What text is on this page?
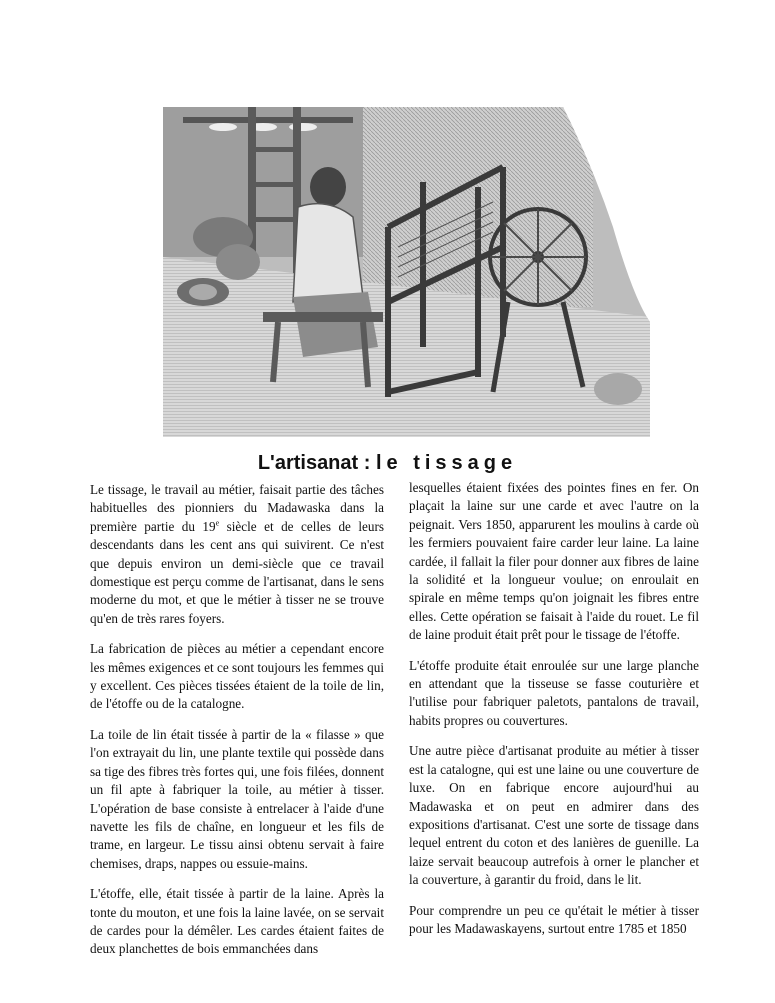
L'artisanat : le tissage

Le tissage, le travail au métier, faisait partie des tâches habituelles des pionniers du Madawaska dans la première partie du 19e siècle et de celles de leurs descendants dans les cent ans qui suivirent. Ce n'est que depuis environ un demi-siècle que ce travail domestique est perçu comme de l'artisanat, dans le sens moderne du mot, et que le métier à tisser ne se trouve qu'en de très rares foyers.

La fabrication de pièces au métier a cependant encore les mêmes exigences et ce sont toujours les femmes qui y excellent. Ces pièces tissées étaient de la toile de lin, de l'étoffe ou de la catalogne.

La toile de lin était tissée à partir de la « filasse » que l'on extrayait du lin, une plante textile qui possède dans sa tige des fibres très fortes qui, une fois filées, donnent un fil apte à fabriquer la toile, au métier à tisser. L'opération de base consiste à entrelacer à l'aide d'une navette les fils de chaîne, en longueur et les fils de trame, en largeur. Le tissu ainsi obtenu servait à faire chemises, draps, nappes ou essuie-mains.

L'étoffe, elle, était tissée à partir de la laine. Après la tonte du mouton, et une fois la laine lavée, on se servait de cardes pour la démêler. Les cardes étaient faites de deux planchettes de bois emmanchées dans

lesquelles étaient fixées des pointes fines en fer. On plaçait la laine sur une carde et avec l'autre on la peignait. Vers 1850, apparurent les moulins à carde où les fermiers pouvaient faire carder leur laine. La laine cardée, il fallait la filer pour donner aux fibres de laine la solidité et la longueur voulue; on enroulait en spirale en même temps qu'on joignait les fibres entre elles. Cette opération se faisait à l'aide du rouet. Le fil de laine produit était prêt pour le tissage de l'étoffe.

L'étoffe produite était enroulée sur une large planche en attendant que la tisseuse se fasse couturière et l'utilise pour fabriquer paletots, pantalons de travail, habits propres ou couvertures.

Une autre pièce d'artisanat produite au métier à tisser est la catalogne, qui est une laine ou une couverture de luxe. On en fabrique encore aujourd'hui au Madawaska et on peut en admirer dans des expositions d'artisanat. C'est une sorte de tissage dans lequel entrent du coton et des lanières de guenille. La laize servait beaucoup autrefois à orner le plancher et la couverture, à garantir du froid, dans le lit.

Pour comprendre un peu ce qu'était le métier à tisser pour les Madawaskayens, surtout entre 1785 et 1850
